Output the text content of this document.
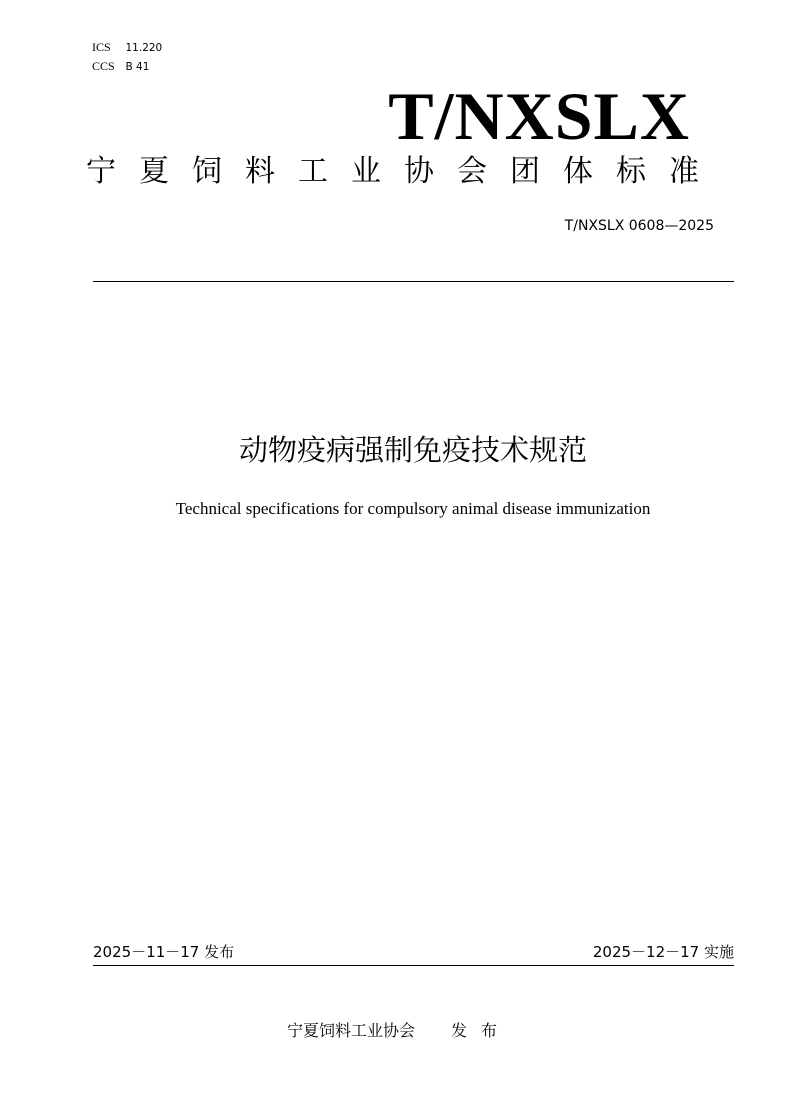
ICS 11.220
CCS B 41
T/NXSLX
宁夏饲料工业协会团体标准
T/NXSLX 0608—2025
动物疫病强制免疫技术规范
Technical specifications for compulsory animal disease immunization
2025－11－17 发布	2025－12－17 实施
宁夏饲料工业协会 发布
